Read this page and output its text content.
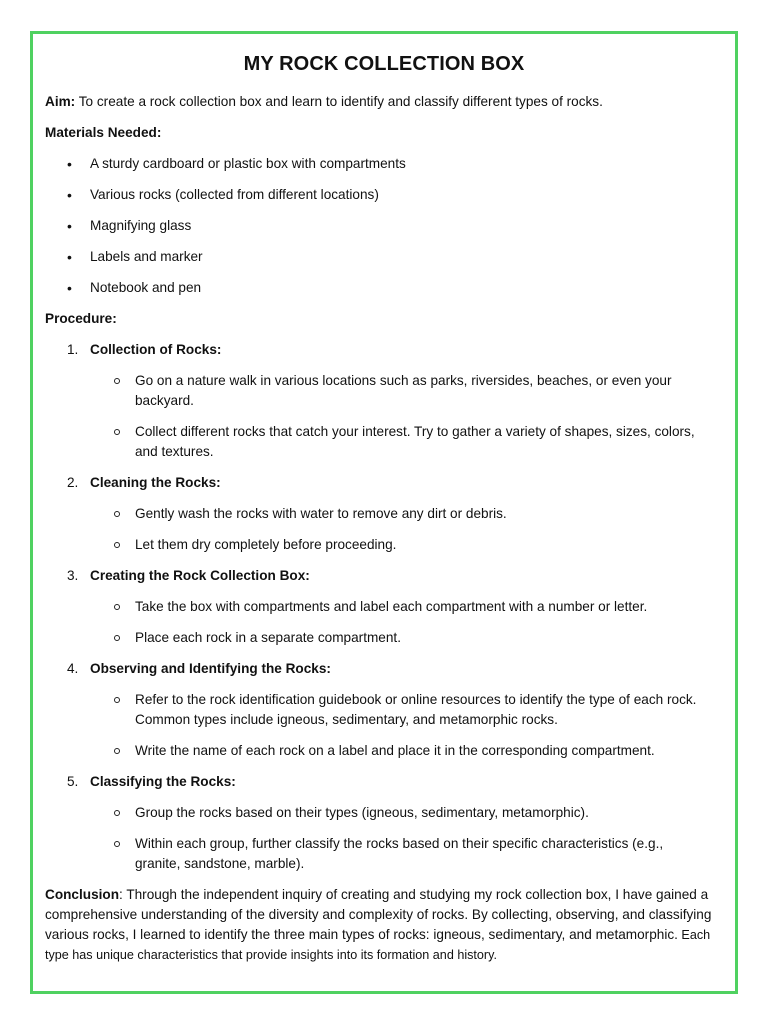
MY ROCK COLLECTION BOX

Aim: To create a rock collection box and learn to identify and classify different types of rocks.

Materials Needed:

• A sturdy cardboard or plastic box with compartments
• Various rocks (collected from different locations)
• Magnifying glass
• Labels and marker
• Notebook and pen

Procedure:

1. Collection of Rocks:
Go on a nature walk in various locations such as parks, riversides, beaches, or even your backyard.
Collect different rocks that catch your interest. Try to gather a variety of shapes, sizes, colors, and textures.
2. Cleaning the Rocks:
Gently wash the rocks with water to remove any dirt or debris.
Let them dry completely before proceeding.
3. Creating the Rock Collection Box:
Take the box with compartments and label each compartment with a number or letter.
Place each rock in a separate compartment.
4. Observing and Identifying the Rocks:
Refer to the rock identification guidebook or online resources to identify the type of each rock. Common types include igneous, sedimentary, and metamorphic rocks.
Write the name of each rock on a label and place it in the corresponding compartment.
5. Classifying the Rocks:
Group the rocks based on their types (igneous, sedimentary, metamorphic).
Within each group, further classify the rocks based on their specific characteristics (e.g., granite, sandstone, marble).

Conclusion: Through the independent inquiry of creating and studying my rock collection box, I have gained a comprehensive understanding of the diversity and complexity of rocks. By collecting, observing, and classifying various rocks, I learned to identify the three main types of rocks: igneous, sedimentary, and metamorphic. Each type has unique characteristics that provide insights into its formation and history.
